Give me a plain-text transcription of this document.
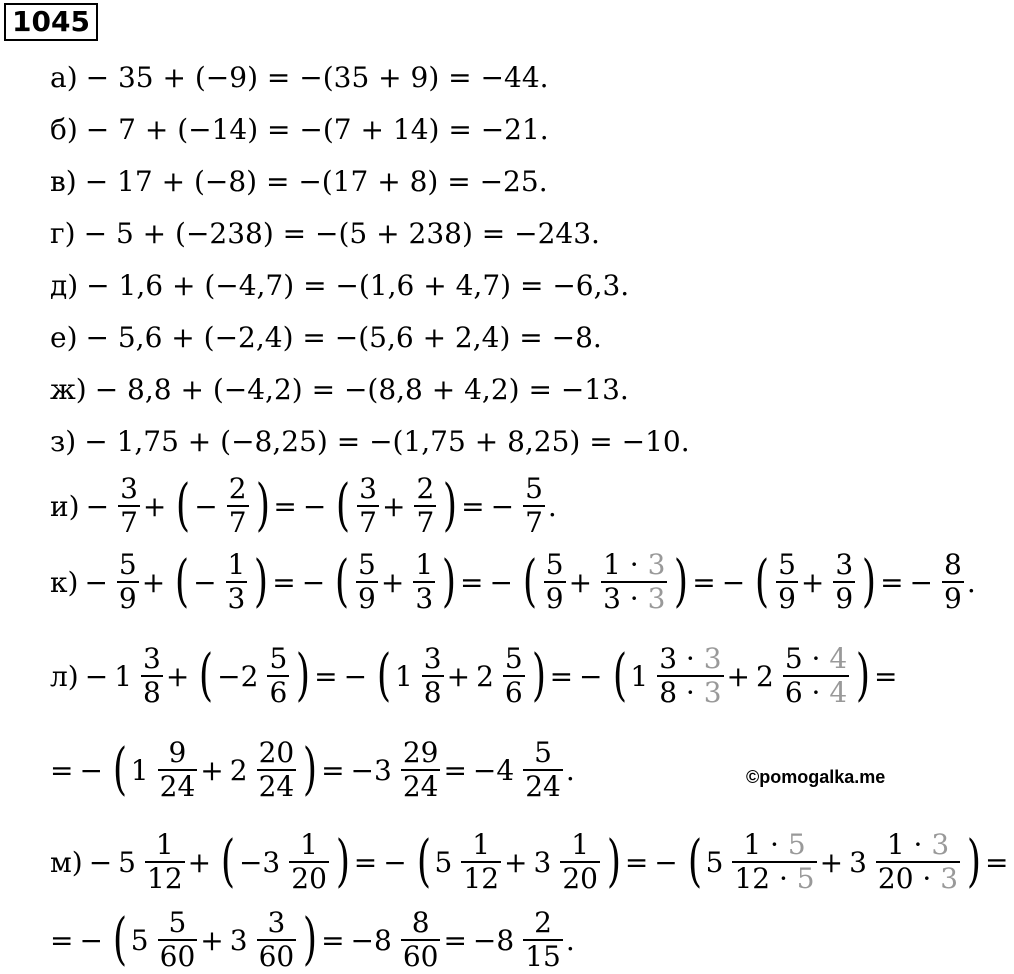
1045
а) − 35 + (−9) = −(35 + 9) = −44.
б) − 7 + (−14) = −(7 + 14) = −21.
в) − 17 + (−8) = −(17 + 8) = −25.
г) − 5 + (−238) = −(5 + 238) = −243.
д) − 1,6 + (−4,7) = −(1,6 + 4,7) = −6,3.
е) − 5,6 + (−2,4) = −(5,6 + 2,4) = −8.
ж) − 8,8 + (−4,2) = −(8,8 + 4,2) = −13.
з) − 1,75 + (−8,25) = −(1,75 + 8,25) = −10.
$и) - \frac{3}{7}$ + ( − $\frac{2}{7}$ ) = − ( $\frac{3}{7} + \frac{2}{7}$ ) = − $\frac{5}{7}$ .
$к) - \frac{5}{9}$ + ( − $\frac{1}{3}$ ) = − ( $\frac{5}{9} + \frac{1}{3}$ ) = − ( $\frac{5}{9} + \frac{1 \cdot 3}{3 \cdot 3}$ ) = − ( $\frac{5}{9} + \frac{3}{9}$ ) = − $\frac{8}{9}$ .
$л) - 1 \frac{3}{8}$ + ( $-2 \frac{5}{6}$ ) = − ( $1 \frac{3}{8} + 2 \frac{5}{6}$ ) = − ( $1 \frac{3 \cdot 3}{8 \cdot 3} + 2 \frac{5 \cdot 4}{6 \cdot 4}$ ) =
= − ( $1 \frac{9}{24} + 2 \frac{20}{24}$ ) = $-3 \frac{29}{24} = -4 \frac{5}{24}$ .
$м) - 5 \frac{1}{12}$ + ( $-3 \frac{1}{20}$ ) = − ( $5 \frac{1}{12} + 3 \frac{1}{20}$ ) = − ( $5 \frac{1 \cdot 5}{12 \cdot 5} + 3 \frac{1 \cdot 3}{20 \cdot 3}$ ) =
= − ( $5 \frac{5}{60} + 3 \frac{3}{60}$ ) = $-8 \frac{8}{60} = -8 \frac{2}{15}$ .
©pomogalka.me
